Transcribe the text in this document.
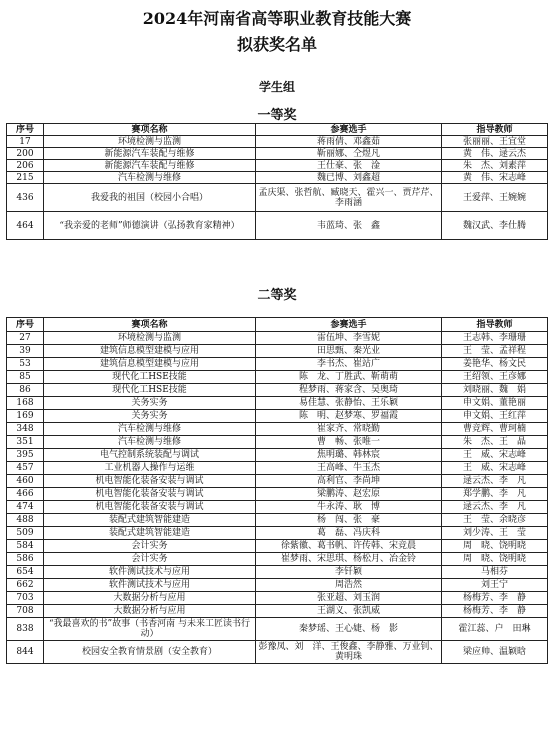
2024年河南省高等职业教育技能大赛
拟获奖名单
学生组
一等奖
序号	赛项名称	参赛选手	指导教师
17	环境检测与监测	蒋雨倩、邓鑫茹	张丽丽、王宜堂
200	新能源汽车装配与维修	靳丽娜、仝煜凡	黄　伟、逯云杰
206	新能源汽车装配与维修	王仕豪、张　淦	朱　杰、刘素萍
215	汽车检测与维修	魏已博、刘鑫超	黄　伟、宋志峰
436	我爱我的祖国（校园小合唱）	孟庆渠、张哲航、臧晓天、霍兴一、贾芹芹、李雨涵	王爱萍、王婉婉
464	“我亲爱的老师”师德演讲（弘扬教育家精神）	韦蓝琦、张　鑫	魏汉武、李仕腾
二等奖
序号	赛项名称	参赛选手	指导教师
27	环境检测与监测	雷伍坤、李雪妮	王志韩、李珊珊
39	建筑信息模型建模与应用	田思甄、秦光业	王　莹、孟祥程
53	建筑信息模型建模与应用	李书杰、崔站广	姜艳华、杨文民
85	现代化工HSE技能	陈　龙、丁胜武、靳萌萌	王绍领、王彦娜
86	现代化工HSE技能	程梦雨、蒋家含、吴奥琦	刘晓丽、魏　娟
168	关务实务	易佳慧、张静怡、王乐颖	申文娟、董艳丽
169	关务实务	陈　明、赵梦寒、罗福霞	申文娟、王红萍
348	汽车检测与维修	崔家齐、常晓勤	曹竞辉、曹珂楠
351	汽车检测与维修	曹　畅、张唯一	朱　杰、王　晶
395	电气控制系统装配与调试	焦明璐、韩林宸	王　威、宋志峰
457	工业机器人操作与运维	王高峰、牛玉杰	王　威、宋志峰
460	机电智能化装备安装与调试	高利官、李尚坤	逯云杰、李　凡
466	机电智能化装备安装与调试	梁鹏涛、赵宏原	郑学鹏、李　凡
474	机电智能化装备安装与调试	牛永涛、耿　博	逯云杰、李　凡
488	装配式建筑智能建造	杨　闯、张　豪	王　莹、余晓彦
509	装配式建筑智能建造	葛　磊、冯庆科	刘少涛、王　莹
584	会计实务	徐紫徽、葛书帆、许传韩、宋竞晨	周　晓、饶明晓
586	会计实务	崔梦雨、宋思琪、杨松月、冶金铃	周　晓、饶明晓
654	软件测试技术与应用	李钎颖	马相芬
662	软件测试技术与应用	周浩然	刘王宁
703	大数据分析与应用	张亚超、刘玉润	杨梅芳、李　静
708	大数据分析与应用	王湖义、张凯威	杨梅芳、李　静
838	“我最喜欢的书”故事（书香河南 与未来工匠读书行动）	秦梦瑶、王心婕、杨　影	霍江蕊、户　田琳
844	校园安全教育情景剧（安全教育）	彭豫凤、刘　洋、王俊鑫、李静雅、万业钊、黄明珠	梁应帅、温颖晗
